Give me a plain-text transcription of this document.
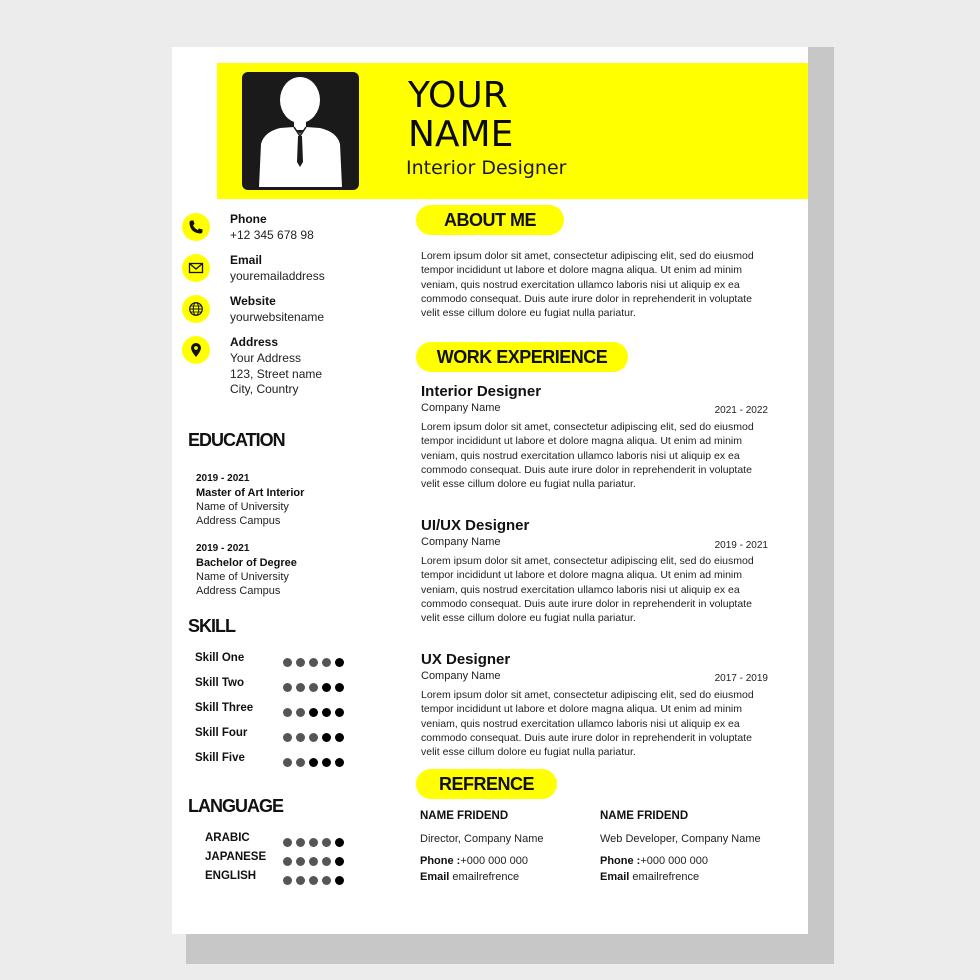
YOUR
NAME
Interior Designer
Phone
+12 345 678 98
Email
youremailaddress
Website
yourwebsitename
Address
Your Address
123, Street name
City, Country
EDUCATION
2019 - 2021
Master of Art Interior
Name of University
Address Campus
2019 - 2021
Bachelor of Degree
Name of University
Address Campus
SKILL
Skill One
Skill Two
Skill Three
Skill Four
Skill Five
LANGUAGE
ARABIC
JAPANESE
ENGLISH
ABOUT ME
Lorem ipsum dolor sit amet, consectetur adipiscing elit, sed do eiusmod tempor incididunt ut labore et dolore magna aliqua. Ut enim ad minim veniam, quis nostrud exercitation ullamco laboris nisi ut aliquip ex ea commodo consequat. Duis aute irure dolor in reprehenderit in voluptate velit esse cillum dolore eu fugiat nulla pariatur.
WORK EXPERIENCE
Interior Designer
Company Name	2021 - 2022
Lorem ipsum dolor sit amet, consectetur adipiscing elit, sed do eiusmod tempor incididunt ut labore et dolore magna aliqua. Ut enim ad minim veniam, quis nostrud exercitation ullamco laboris nisi ut aliquip ex ea commodo consequat. Duis aute irure dolor in reprehenderit in voluptate velit esse cillum dolore eu fugiat nulla pariatur.
UI/UX Designer
Company Name	2019 - 2021
Lorem ipsum dolor sit amet, consectetur adipiscing elit, sed do eiusmod tempor incididunt ut labore et dolore magna aliqua. Ut enim ad minim veniam, quis nostrud exercitation ullamco laboris nisi ut aliquip ex ea commodo consequat. Duis aute irure dolor in reprehenderit in voluptate velit esse cillum dolore eu fugiat nulla pariatur.
UX Designer
Company Name	2017 - 2019
Lorem ipsum dolor sit amet, consectetur adipiscing elit, sed do eiusmod tempor incididunt ut labore et dolore magna aliqua. Ut enim ad minim veniam, quis nostrud exercitation ullamco laboris nisi ut aliquip ex ea commodo consequat. Duis aute irure dolor in reprehenderit in voluptate velit esse cillum dolore eu fugiat nulla pariatur.
REFRENCE
NAME FRIDEND
Director, Company Name
Phone :+000 000 000
Email emailrefrence
NAME FRIDEND
Web Developer, Company Name
Phone :+000 000 000
Email emailrefrence
